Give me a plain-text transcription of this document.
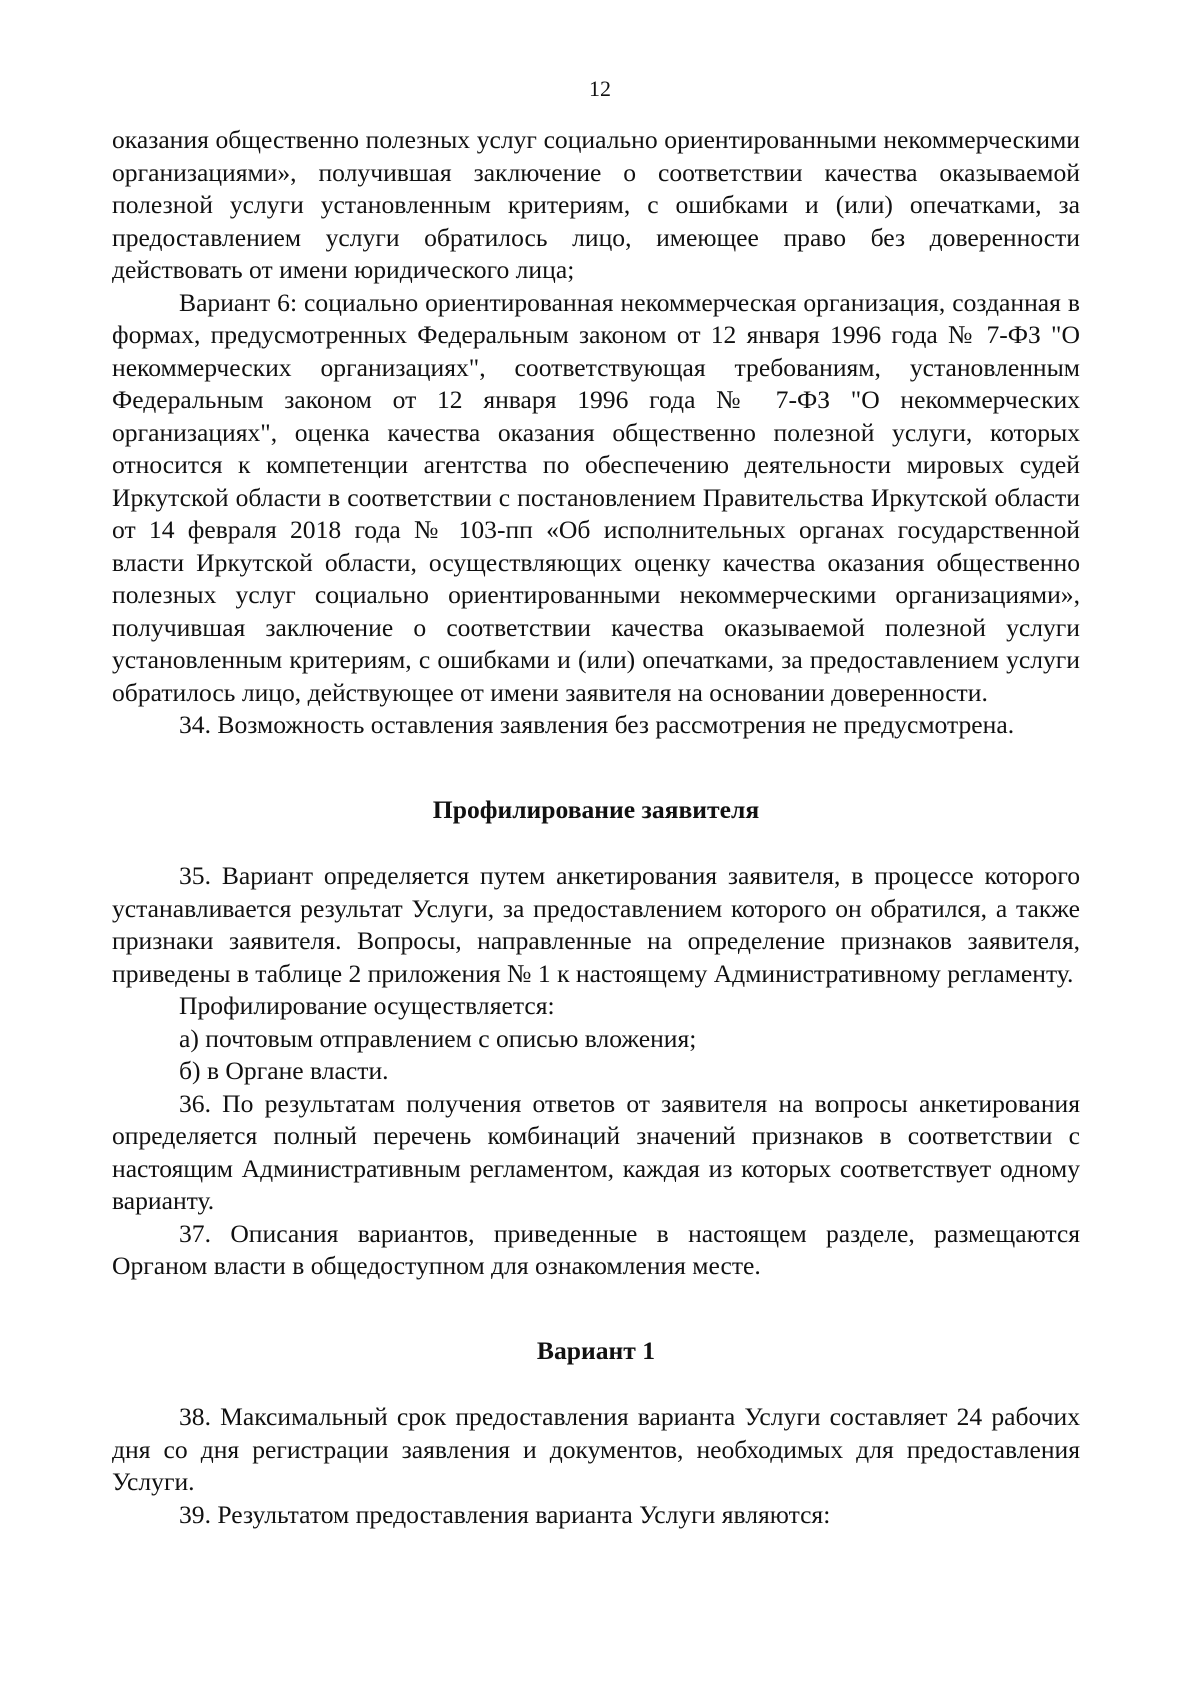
12

оказания общественно полезных услуг социально ориентированными некоммерческими организациями», получившая заключение о соответствии качества оказываемой полезной услуги установленным критериям, с ошибками и (или) опечатками, за предоставлением услуги обратилось лицо, имеющее право без доверенности действовать от имени юридического лица;

Вариант 6: социально ориентированная некоммерческая организация, созданная в формах, предусмотренных Федеральным законом от 12 января 1996 года № 7-ФЗ "О некоммерческих организациях", соответствующая требованиям, установленным Федеральным законом от 12 января 1996 года № 7-ФЗ "О некоммерческих организациях", оценка качества оказания общественно полезной услуги, которых относится к компетенции агентства по обеспечению деятельности мировых судей Иркутской области в соответствии с постановлением Правительства Иркутской области от 14 февраля 2018 года № 103-пп «Об исполнительных органах государственной власти Иркутской области, осуществляющих оценку качества оказания общественно полезных услуг социально ориентированными некоммерческими организациями», получившая заключение о соответствии качества оказываемой полезной услуги установленным критериям, с ошибками и (или) опечатками, за предоставлением услуги обратилось лицо, действующее от имени заявителя на основании доверенности.

34. Возможность оставления заявления без рассмотрения не предусмотрена.

Профилирование заявителя

35. Вариант определяется путем анкетирования заявителя, в процессе которого устанавливается результат Услуги, за предоставлением которого он обратился, а также признаки заявителя. Вопросы, направленные на определение признаков заявителя, приведены в таблице 2 приложения № 1 к настоящему Административному регламенту.

Профилирование осуществляется:

а) почтовым отправлением с описью вложения;

б) в Органе власти.

36. По результатам получения ответов от заявителя на вопросы анкетирования определяется полный перечень комбинаций значений признаков в соответствии с настоящим Административным регламентом, каждая из которых соответствует одному варианту.

37. Описания вариантов, приведенные в настоящем разделе, размещаются Органом власти в общедоступном для ознакомления месте.

Вариант 1

38. Максимальный срок предоставления варианта Услуги составляет 24 рабочих дня со дня регистрации заявления и документов, необходимых для предоставления Услуги.

39. Результатом предоставления варианта Услуги являются:
